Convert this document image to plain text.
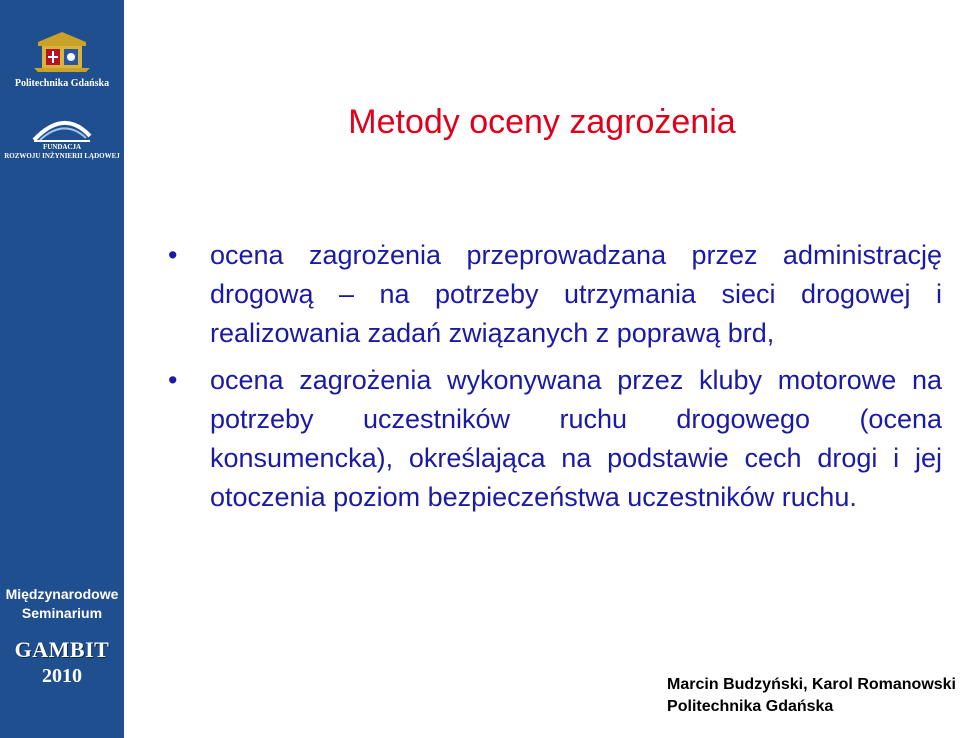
Politechnika Gdańska
FUNDACJA
ROZWOJU INŻYNIERII LĄDOWEJ
Międzynarodowe
Seminarium
GAMBIT
2010
Metody oceny zagrożenia
• ocena zagrożenia przeprowadzana przez administrację drogową – na potrzeby utrzymania sieci drogowej i realizowania zadań związanych z poprawą brd,
• ocena zagrożenia wykonywana przez kluby motorowe na potrzeby uczestników ruchu drogowego (ocena konsumencka), określająca na podstawie cech drogi i jej otoczenia poziom bezpieczeństwa uczestników ruchu.
Marcin Budzyński, Karol Romanowski
Politechnika Gdańska
